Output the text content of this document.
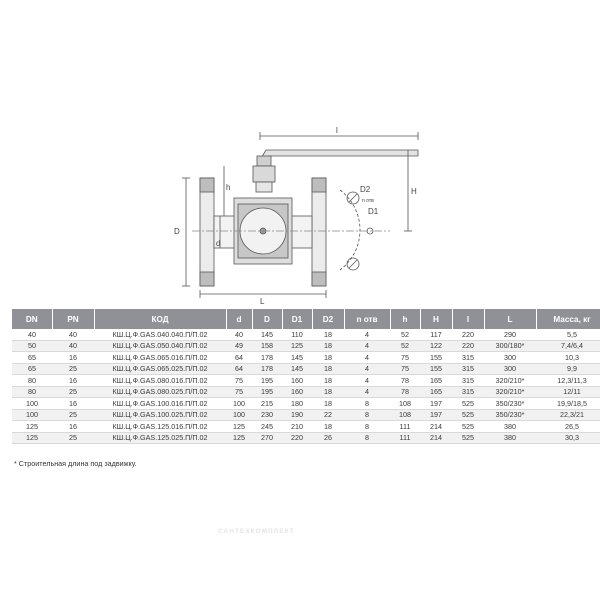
l
H
h
D
d
D1
D2
n отв
L
DN	PN	КОД	d	D	D1	D2	n отв	h	H	l	L	Масса, кг
40	40	КШ.Ц.Ф.GAS.040.040.П/П.02	40	145	110	18	4	52	117	220	290	5,5
50	40	КШ.Ц.Ф.GAS.050.040.П/П.02	49	158	125	18	4	52	122	220	300/180*	7,4/6,4
65	16	КШ.Ц.Ф.GAS.065.016.П/П.02	64	178	145	18	4	75	155	315	300	10,3
65	25	КШ.Ц.Ф.GAS.065.025.П/П.02	64	178	145	18	4	75	155	315	300	9,9
80	16	КШ.Ц.Ф.GAS.080.016.П/П.02	75	195	160	18	4	78	165	315	320/210*	12,3/11,3
80	25	КШ.Ц.Ф.GAS.080.025.П/П.02	75	195	160	18	4	78	165	315	320/210*	12/11
100	16	КШ.Ц.Ф.GAS.100.016.П/П.02	100	215	180	18	8	108	197	525	350/230*	19,9/18,5
100	25	КШ.Ц.Ф.GAS.100.025.П/П.02	100	230	190	22	8	108	197	525	350/230*	22,3/21
125	16	КШ.Ц.Ф.GAS.125.016.П/П.02	125	245	210	18	8	111	214	525	380	26,5
125	25	КШ.Ц.Ф.GAS.125.025.П/П.02	125	270	220	26	8	111	214	525	380	30,3
* Строительная длина под задвижку.
САНТЕХКОМПЛЕКТ
